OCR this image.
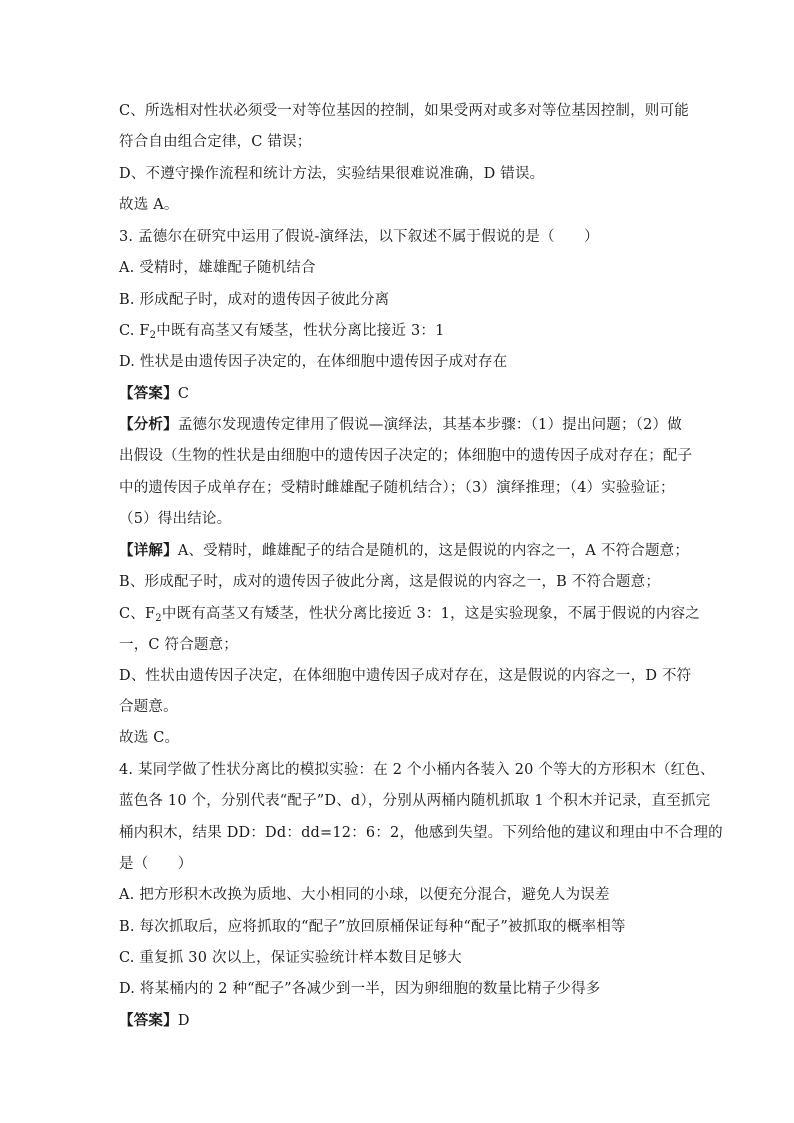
C、所选相对性状必须受一对等位基因的控制，如果受两对或多对等位基因控制，则可能
符合自由组合定律，C 错误；
D、不遵守操作流程和统计方法，实验结果很难说准确，D 错误。
故选 A。
3. 孟德尔在研究中运用了假说-演绎法，以下叙述不属于假说的是（　　）
A. 受精时，雄雄配子随机结合
B. 形成配子时，成对的遗传因子彼此分离
C. $F_2$中既有高茎又有矮茎，性状分离比接近 3：1
D. 性状是由遗传因子决定的，在体细胞中遗传因子成对存在
【答案】C
【分析】孟德尔发现遗传定律用了假说—演绎法，其基本步骤：（1）提出问题；（2）做
出假设（生物的性状是由细胞中的遗传因子决定的；体细胞中的遗传因子成对存在；配子
中的遗传因子成单存在；受精时雌雄配子随机结合）；（3）演绎推理；（4）实验验证；
（5）得出结论。
【详解】A、受精时，雌雄配子的结合是随机的，这是假说的内容之一，A 不符合题意；
B、形成配子时，成对的遗传因子彼此分离，这是假说的内容之一，B 不符合题意；
C、$F_2$中既有高茎又有矮茎，性状分离比接近 3：1，这是实验现象，不属于假说的内容之
一，C 符合题意；
D、性状由遗传因子决定，在体细胞中遗传因子成对存在，这是假说的内容之一，D 不符
合题意。
故选 C。
4. 某同学做了性状分离比的模拟实验：在 2 个小桶内各装入 20 个等大的方形积木（红色、
蓝色各 10 个，分别代表“配子”D、d），分别从两桶内随机抓取 1 个积木并记录，直至抓完
桶内积木，结果 DD：Dd：dd=12：6：2，他感到失望。下列给他的建议和理由中不合理的
是（　　）
A. 把方形积木改换为质地、大小相同的小球，以便充分混合，避免人为误差
B. 每次抓取后，应将抓取的“配子”放回原桶保证每种“配子”被抓取的概率相等
C. 重复抓 30 次以上，保证实验统计样本数目足够大
D. 将某桶内的 2 种“配子”各减少到一半，因为卵细胞的数量比精子少得多
【答案】D
